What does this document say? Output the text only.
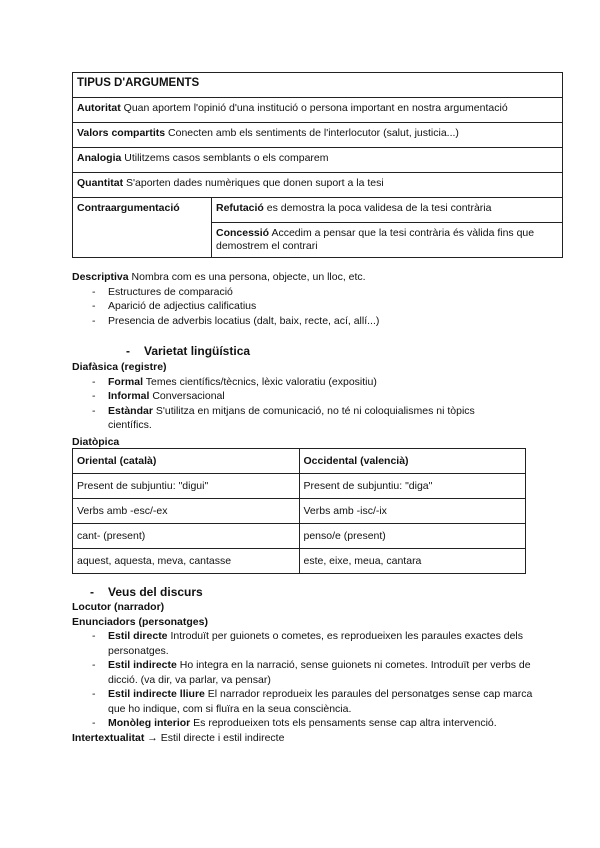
TIPUS D'ARGUMENTS
Autoritat Quan aportem l'opinió d'una institució o persona important en nostra argumentació
Valors compartits Conecten amb els sentiments de l'interlocutor (salut, justicia...)
Analogia Utilitzems casos semblants o els comparem
Quantitat S'aporten dades numèriques que donen suport a la tesi
Contraargumentació	Refutació es demostra la poca validesa de la tesi contrària
Concessió Accedim a pensar que la tesi contrària és vàlida fins que demostrem el contrari
Descriptiva Nombra com es una persona, objecte, un lloc, etc.
- Estructures de comparació
- Aparició de adjectius calificatius
- Presencia de adverbis locatius (dalt, baix, recte, ací, allí...)
- Varietat lingüística
Diafàsica (registre)
- Formal Temes científics/tècnics, lèxic valoratiu (expositiu)
- Informal Conversacional
- Estàndar S'utilitza en mitjans de comunicació, no té ni coloquialismes ni tòpics científics.
Diatòpica
Oriental (català)	Occidental (valencià)
Present de subjuntiu: "digui"	Present de subjuntiu: "diga"
Verbs amb -esc/-ex	Verbs amb -isc/-ix
cant- (present)	penso/e (present)
aquest, aquesta, meva, cantasse	este, eixe, meua, cantara
- Veus del discurs
Locutor (narrador)
Enunciadors (personatges)
- Estil directe Introduït per guionets o cometes, es reprodueixen les paraules exactes dels personatges.
- Estil indirecte Ho integra en la narració, sense guionets ni cometes. Introduït per verbs de dicció. (va dir, va parlar, va pensar)
- Estil indirecte lliure El narrador reprodueix les paraules del personatges sense cap marca que ho indique, com si fluïra en la seua consciència.
- Monòleg interior Es reprodueixen tots els pensaments sense cap altra intervenció.
Intertextualitat → Estil directe i estil indirecte
